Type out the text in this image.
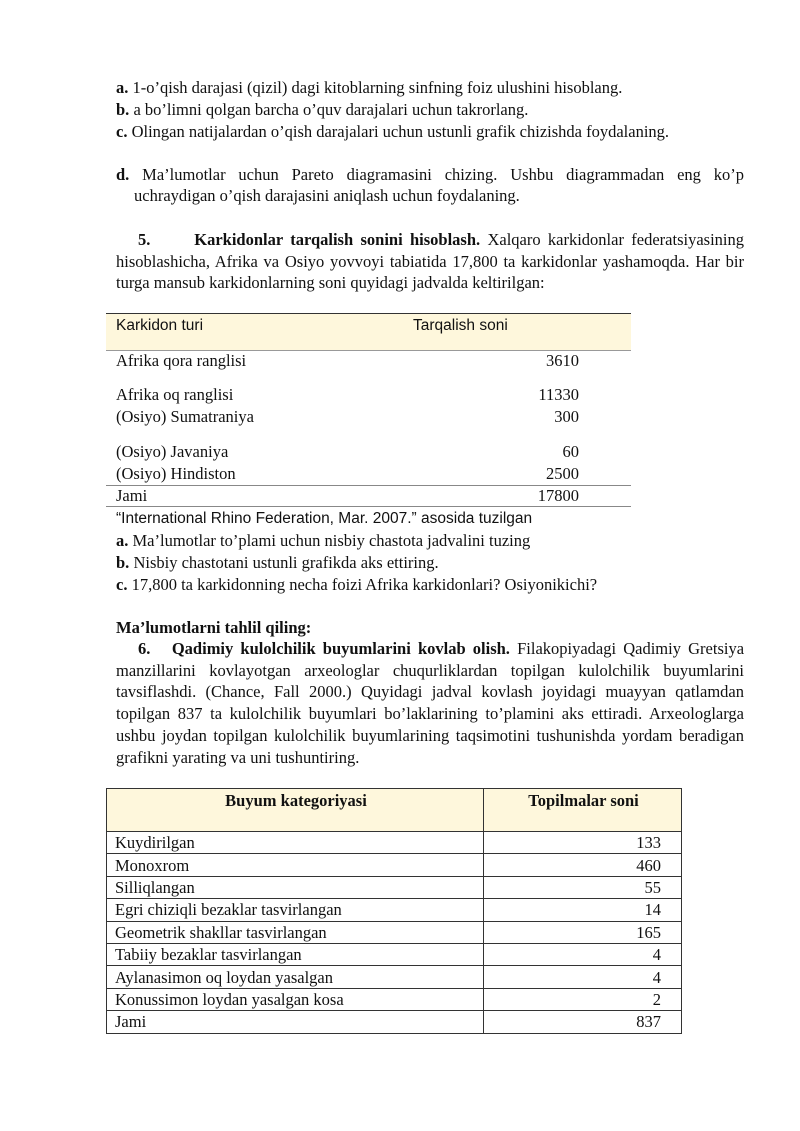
a. 1-o’qish darajasi (qizil) dagi kitoblarning sinfning foiz ulushini hisoblang.
b. a bo’limni qolgan barcha o’quv darajalari uchun takrorlang.
c. Olingan natijalardan o’qish darajalari uchun ustunli grafik chizishda foydalaning.
d. Ma’lumotlar uchun Pareto diagramasini chizing. Ushbu diagrammadan eng ko’p uchraydigan o’qish darajasini aniqlash uchun foydalaning.
5.	Karkidonlar tarqalish sonini hisoblash. Xalqaro karkidonlar federatsiyasining hisoblashicha, Afrika va Osiyo yovvoyi tabiatida 17,800 ta karkidonlar yashamoqda. Har bir turga mansub karkidonlarning soni quyidagi jadvalda keltirilgan:
Karkidon turi	Tarqalish soni
Afrika qora ranglisi	3610
Afrika oq ranglisi	11330
(Osiyo) Sumatraniya	300
(Osiyo) Javaniya	60
(Osiyo) Hindiston	2500
Jami	17800
“International Rhino Federation, Mar. 2007.” asosida tuzilgan
a. Ma’lumotlar to’plami uchun nisbiy chastota jadvalini tuzing
b. Nisbiy chastotani ustunli grafikda aks ettiring.
c. 17,800 ta karkidonning necha foizi Afrika karkidonlari? Osiyonikichi?
Ma’lumotlarni tahlil qiling:
6. Qadimiy kulolchilik buyumlarini kovlab olish. Filakopiyadagi Qadimiy Gretsiya manzillarini kovlayotgan arxeologlar chuqurliklardan topilgan kulolchilik buyumlarini tavsiflashdi. (Chance, Fall 2000.) Quyidagi jadval kovlash joyidagi muayyan qatlamdan topilgan 837 ta kulolchilik buyumlari bo’laklarining to’plamini aks ettiradi. Arxeologlarga ushbu joydan topilgan kulolchilik buyumlarining taqsimotini tushunishda yordam beradigan grafikni yarating va uni tushuntiring.
Buyum kategoriyasi	Topilmalar soni
Kuydirilgan	133
Monoxrom	460
Silliqlangan	55
Egri chiziqli bezaklar tasvirlangan	14
Geometrik shakllar tasvirlangan	165
Tabiiy bezaklar tasvirlangan	4
Aylanasimon oq loydan yasalgan	4
Konussimon loydan yasalgan kosa	2
Jami	837
